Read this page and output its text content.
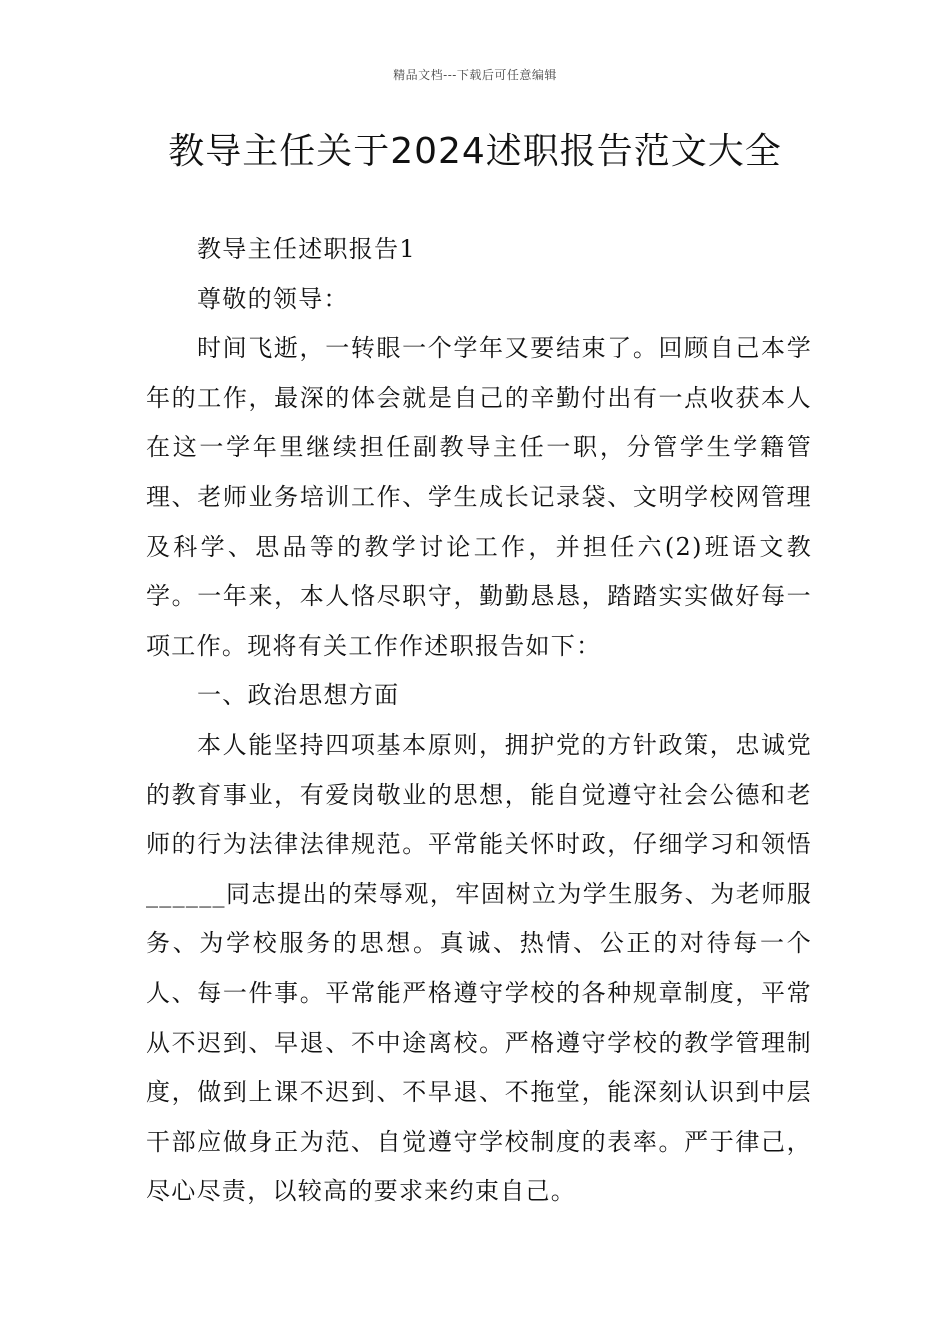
精品文档---下载后可任意编辑
教导主任关于2024述职报告范文大全

教导主任述职报告1

尊敬的领导：

时间飞逝，一转眼一个学年又要结束了。回顾自己本学年的工作，最深的体会就是自己的辛勤付出有一点收获本人在这一学年里继续担任副教导主任一职，分管学生学籍管理、老师业务培训工作、学生成长记录袋、文明学校网管理及科学、思品等的教学讨论工作，并担任六(2)班语文教学。一年来，本人恪尽职守，勤勤恳恳，踏踏实实做好每一项工作。现将有关工作作述职报告如下：

一、政治思想方面

本人能坚持四项基本原则，拥护党的方针政策，忠诚党的教育事业，有爱岗敬业的思想，能自觉遵守社会公德和老师的行为法律法律规范。平常能关怀时政，仔细学习和领悟______同志提出的荣辱观，牢固树立为学生服务、为老师服务、为学校服务的思想。真诚、热情、公正的对待每一个人、每一件事。平常能严格遵守学校的各种规章制度，平常从不迟到、早退、不中途离校。严格遵守学校的教学管理制度，做到上课不迟到、不早退、不拖堂，能深刻认识到中层干部应做身正为范、自觉遵守学校制度的表率。严于律己，尽心尽责，以较高的要求来约束自己。
